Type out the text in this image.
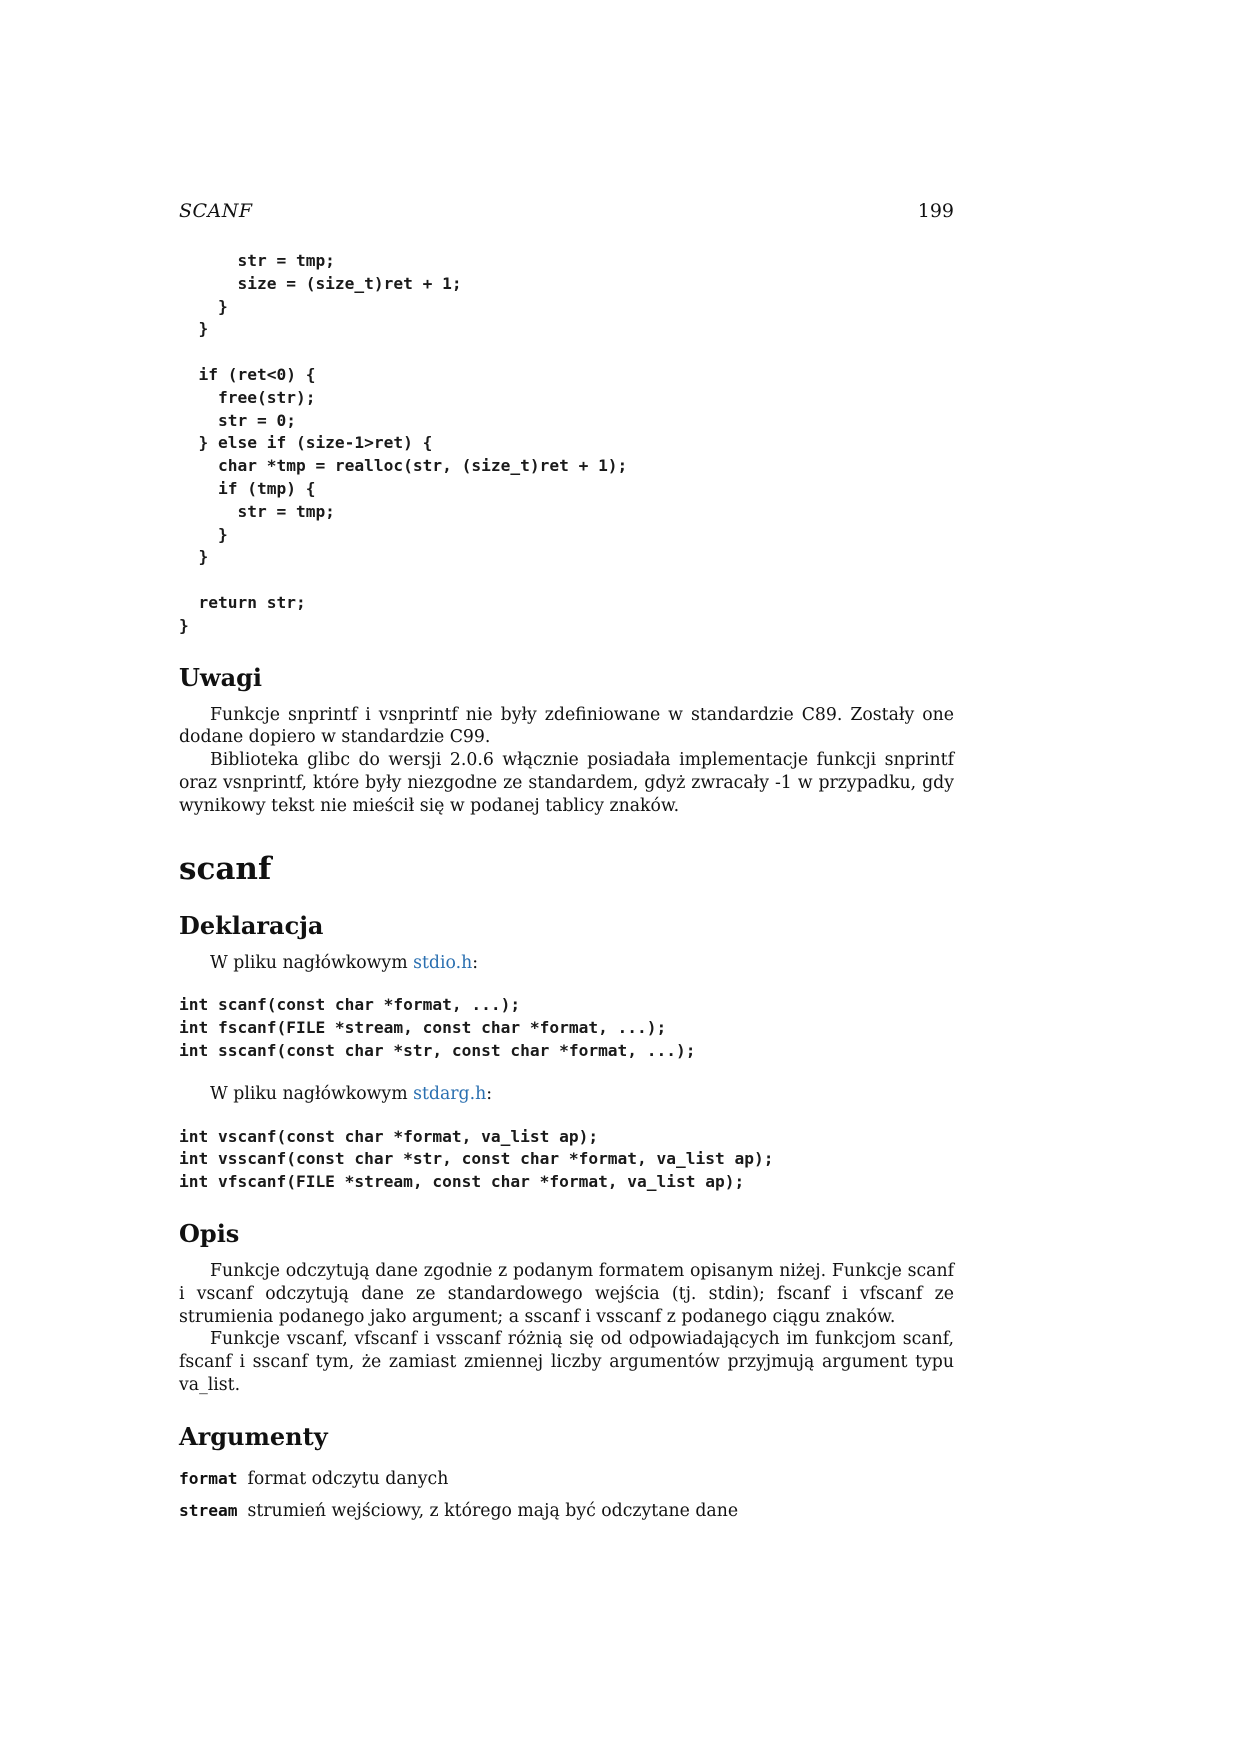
SCANF	199
str = tmp;
size = (size_t)ret + 1;
}
}

if (ret<0) {
free(str);
str = 0;
} else if (size-1>ret) {
char *tmp = realloc(str, (size_t)ret + 1);
if (tmp) {
str = tmp;
}
}

return str;
}
Uwagi

Funkcje snprintf i vsnprintf nie były zdefiniowane w standardzie C89. Zostały one dodane dopiero w standardzie C99.

Biblioteka glibc do wersji 2.0.6 włącznie posiadała implementacje funkcji snprintf oraz vsnprintf, które były niezgodne ze standardem, gdyż zwracały -1 w przypadku, gdy wynikowy tekst nie mieścił się w podanej tablicy znaków.

scanf
Deklaracja

W pliku nagłówkowym stdio.h:

int scanf(const char *format, ...);
int fscanf(FILE *stream, const char *format, ...);
int sscanf(const char *str, const char *format, ...);

W pliku nagłówkowym stdarg.h:

int vscanf(const char *format, va_list ap);
int vsscanf(const char *str, const char *format, va_list ap);
int vfscanf(FILE *stream, const char *format, va_list ap);
Opis

Funkcje odczytują dane zgodnie z podanym formatem opisanym niżej. Funkcje scanf i vscanf odczytują dane ze standardowego wejścia (tj. stdin); fscanf i vfscanf ze strumienia podanego jako argument; a sscanf i vsscanf z podanego ciągu znaków.

Funkcje vscanf, vfscanf i vsscanf różnią się od odpowiadających im funkcjom scanf, fscanf i sscanf tym, że zamiast zmiennej liczby argumentów przyjmują argument typu va_list.

Argumenty
format format odczytu danych
stream strumień wejściowy, z którego mają być odczytane dane
